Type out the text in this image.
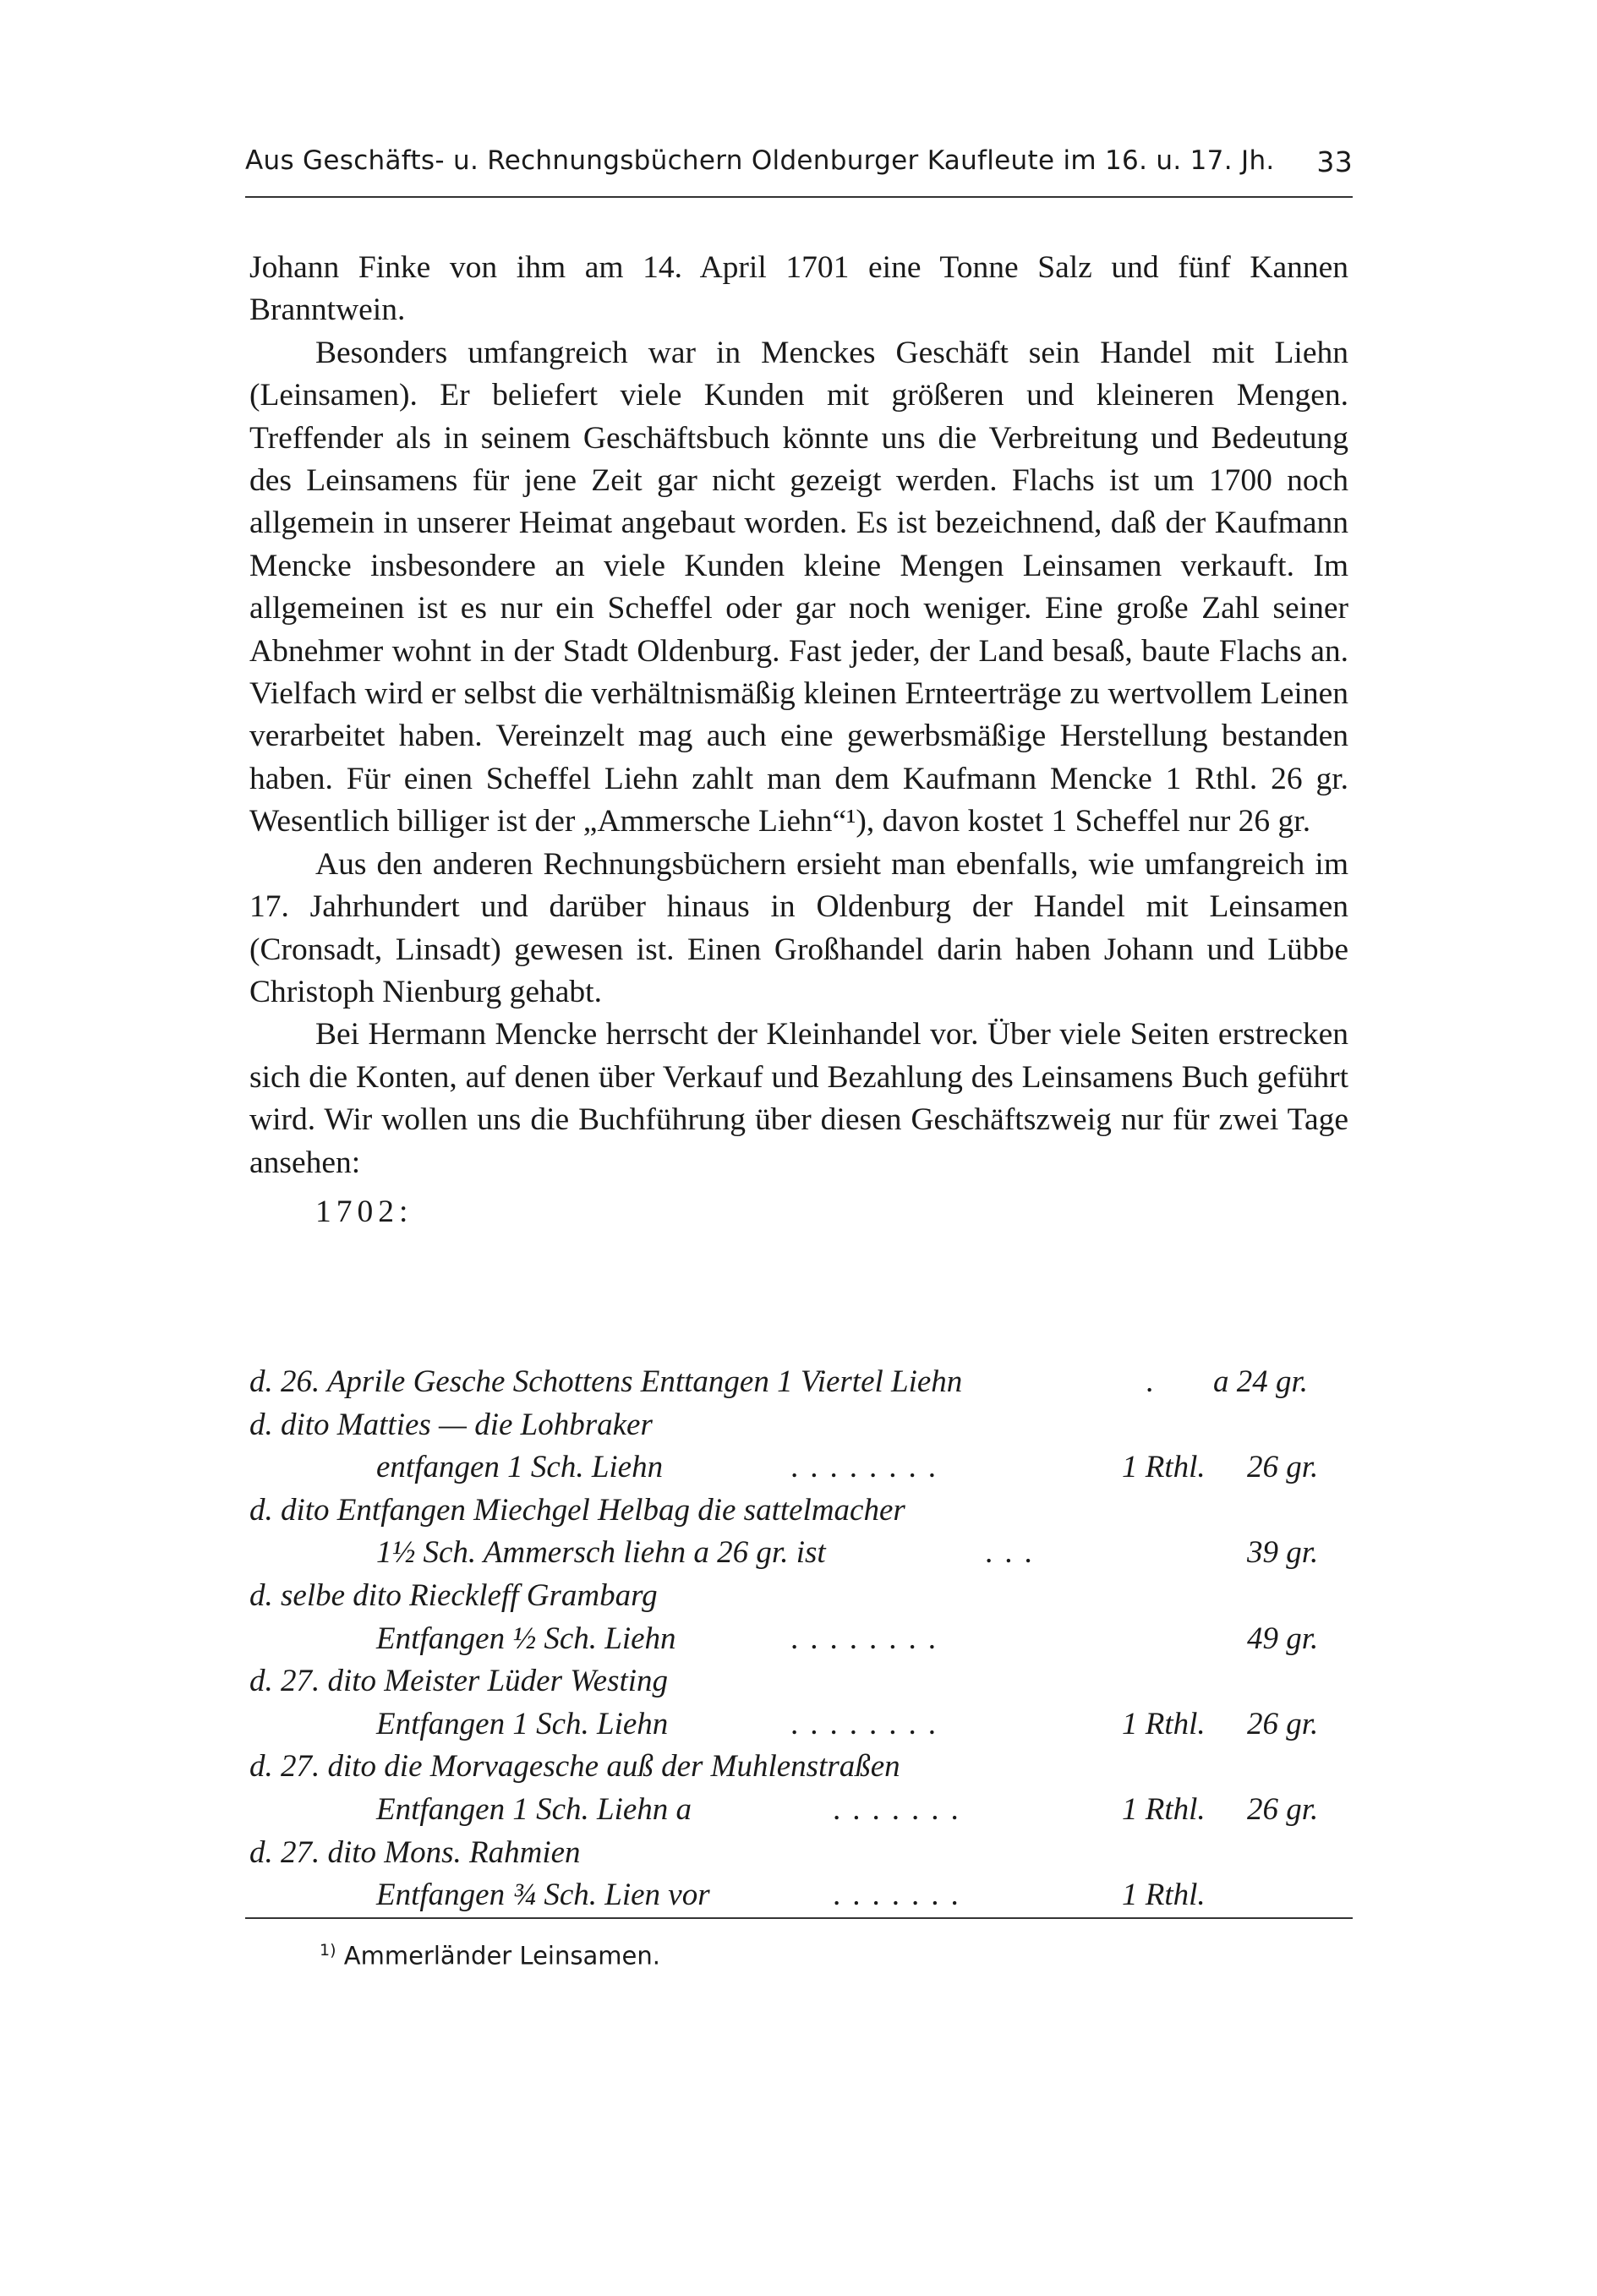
Aus Geschäfts- u. Rechnungsbüchern Oldenburger Kaufleute im 16. u. 17. Jh. 33

Johann Finke von ihm am 14. April 1701 eine Tonne Salz und fünf Kannen Branntwein.

Besonders umfangreich war in Menckes Geschäft sein Handel mit Liehn (Leinsamen). Er beliefert viele Kunden mit größeren und kleineren Mengen. Treffender als in seinem Geschäftsbuch könnte uns die Verbreitung und Bedeutung des Leinsamens für jene Zeit gar nicht gezeigt werden. Flachs ist um 1700 noch allgemein in unserer Heimat angebaut worden. Es ist bezeichnend, daß der Kaufmann Mencke insbesondere an viele Kunden kleine Mengen Leinsamen verkauft. Im allgemeinen ist es nur ein Scheffel oder gar noch weniger. Eine große Zahl seiner Abnehmer wohnt in der Stadt Oldenburg. Fast jeder, der Land besaß, baute Flachs an. Vielfach wird er selbst die verhältnismäßig kleinen Ernteerträge zu wertvollem Leinen verarbeitet haben. Vereinzelt mag auch eine gewerbsmäßige Herstellung bestanden haben. Für einen Scheffel Liehn zahlt man dem Kaufmann Mencke 1 Rthl. 26 gr. Wesentlich billiger ist der „Ammersche Liehn“¹), davon kostet 1 Scheffel nur 26 gr.

Aus den anderen Rechnungsbüchern ersieht man ebenfalls, wie umfangreich im 17. Jahrhundert und darüber hinaus in Oldenburg der Handel mit Leinsamen (Cronsadt, Linsadt) gewesen ist. Einen Großhandel darin haben Johann und Lübbe Christoph Nienburg gehabt.

Bei Hermann Mencke herrscht der Kleinhandel vor. Über viele Seiten erstrecken sich die Konten, auf denen über Verkauf und Bezahlung des Leinsamens Buch geführt wird. Wir wollen uns die Buchführung über diesen Geschäftszweig nur für zwei Tage ansehen:

1702:
d. 26. Aprile Gesche Schottens Enttangen 1 Viertel Liehn	. a 24 gr.
d. dito Matties — die Lohbraker
entfangen 1 Sch. Liehn	........	1 Rthl. 26 gr.
d. dito Entfangen Miechgel Helbag die sattelmacher
1½ Sch. Ammersch liehn a 26 gr. ist	...	39 gr.
d. selbe dito Rieckleff Grambarg
Entfangen ½ Sch. Liehn	........	49 gr.
d. 27. dito Meister Lüder Westing
Entfangen 1 Sch. Liehn	........	1 Rthl. 26 gr.
d. 27. dito die Morvagesche auß der Muhlenstraßen
Entfangen 1 Sch. Liehn a	.......	1 Rthl. 26 gr.
d. 27. dito Mons. Rahmien
Entfangen ¾ Sch. Lien vor	.......	1 Rthl.
$^{1)}$ Ammerländer Leinsamen.
